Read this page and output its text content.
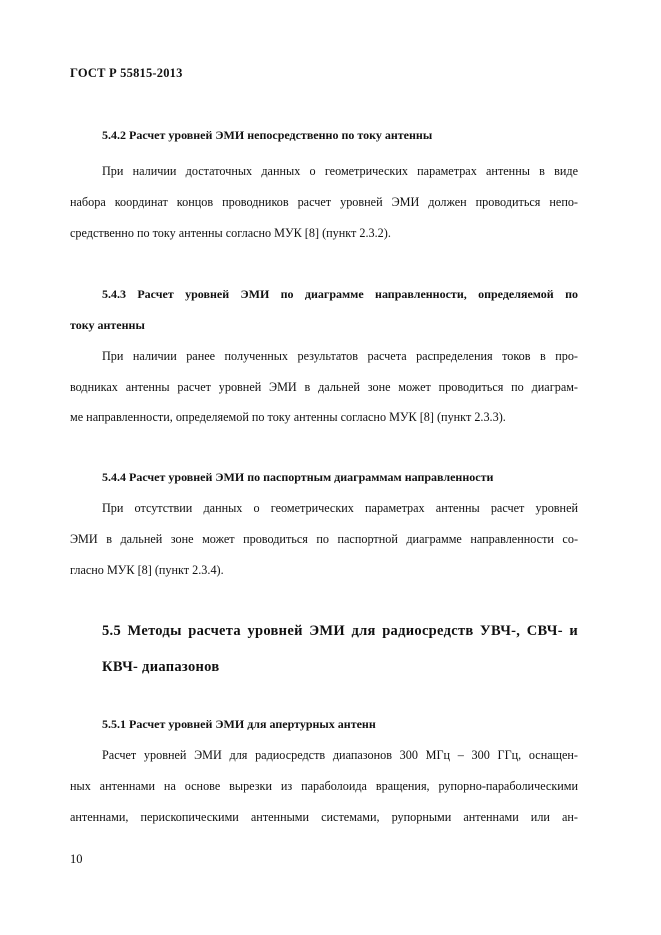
ГОСТ Р 55815-2013
5.4.2 Расчет уровней ЭМИ непосредственно по току антенны
При наличии достаточных данных о геометрических параметрах антенны в виде
набора координат концов проводников расчет уровней ЭМИ должен проводиться непо-
средственно по току антенны согласно МУК [8] (пункт 2.3.2).
5.4.3 Расчет уровней ЭМИ по диаграмме направленности, определяемой по
току антенны
При наличии ранее полученных результатов расчета распределения токов в про-
водниках антенны расчет уровней ЭМИ в дальней зоне может проводиться по диаграм-
ме направленности, определяемой по току антенны согласно МУК [8] (пункт 2.3.3).
5.4.4 Расчет уровней ЭМИ по паспортным диаграммам направленности
При отсутствии данных о геометрических параметрах антенны расчет уровней
ЭМИ в дальней зоне может проводиться по паспортной диаграмме направленности со-
гласно МУК [8] (пункт 2.3.4).
5.5 Методы расчета уровней ЭМИ для радиосредств УВЧ-, СВЧ- и
КВЧ- диапазонов
5.5.1 Расчет уровней ЭМИ для апертурных антенн
Расчет уровней ЭМИ для радиосредств диапазонов 300 МГц – 300 ГГц, оснащен-
ных антеннами на основе вырезки из параболоида вращения, рупорно-параболическими
антеннами, перископическими антенными системами, рупорными антеннами или ан-
10
